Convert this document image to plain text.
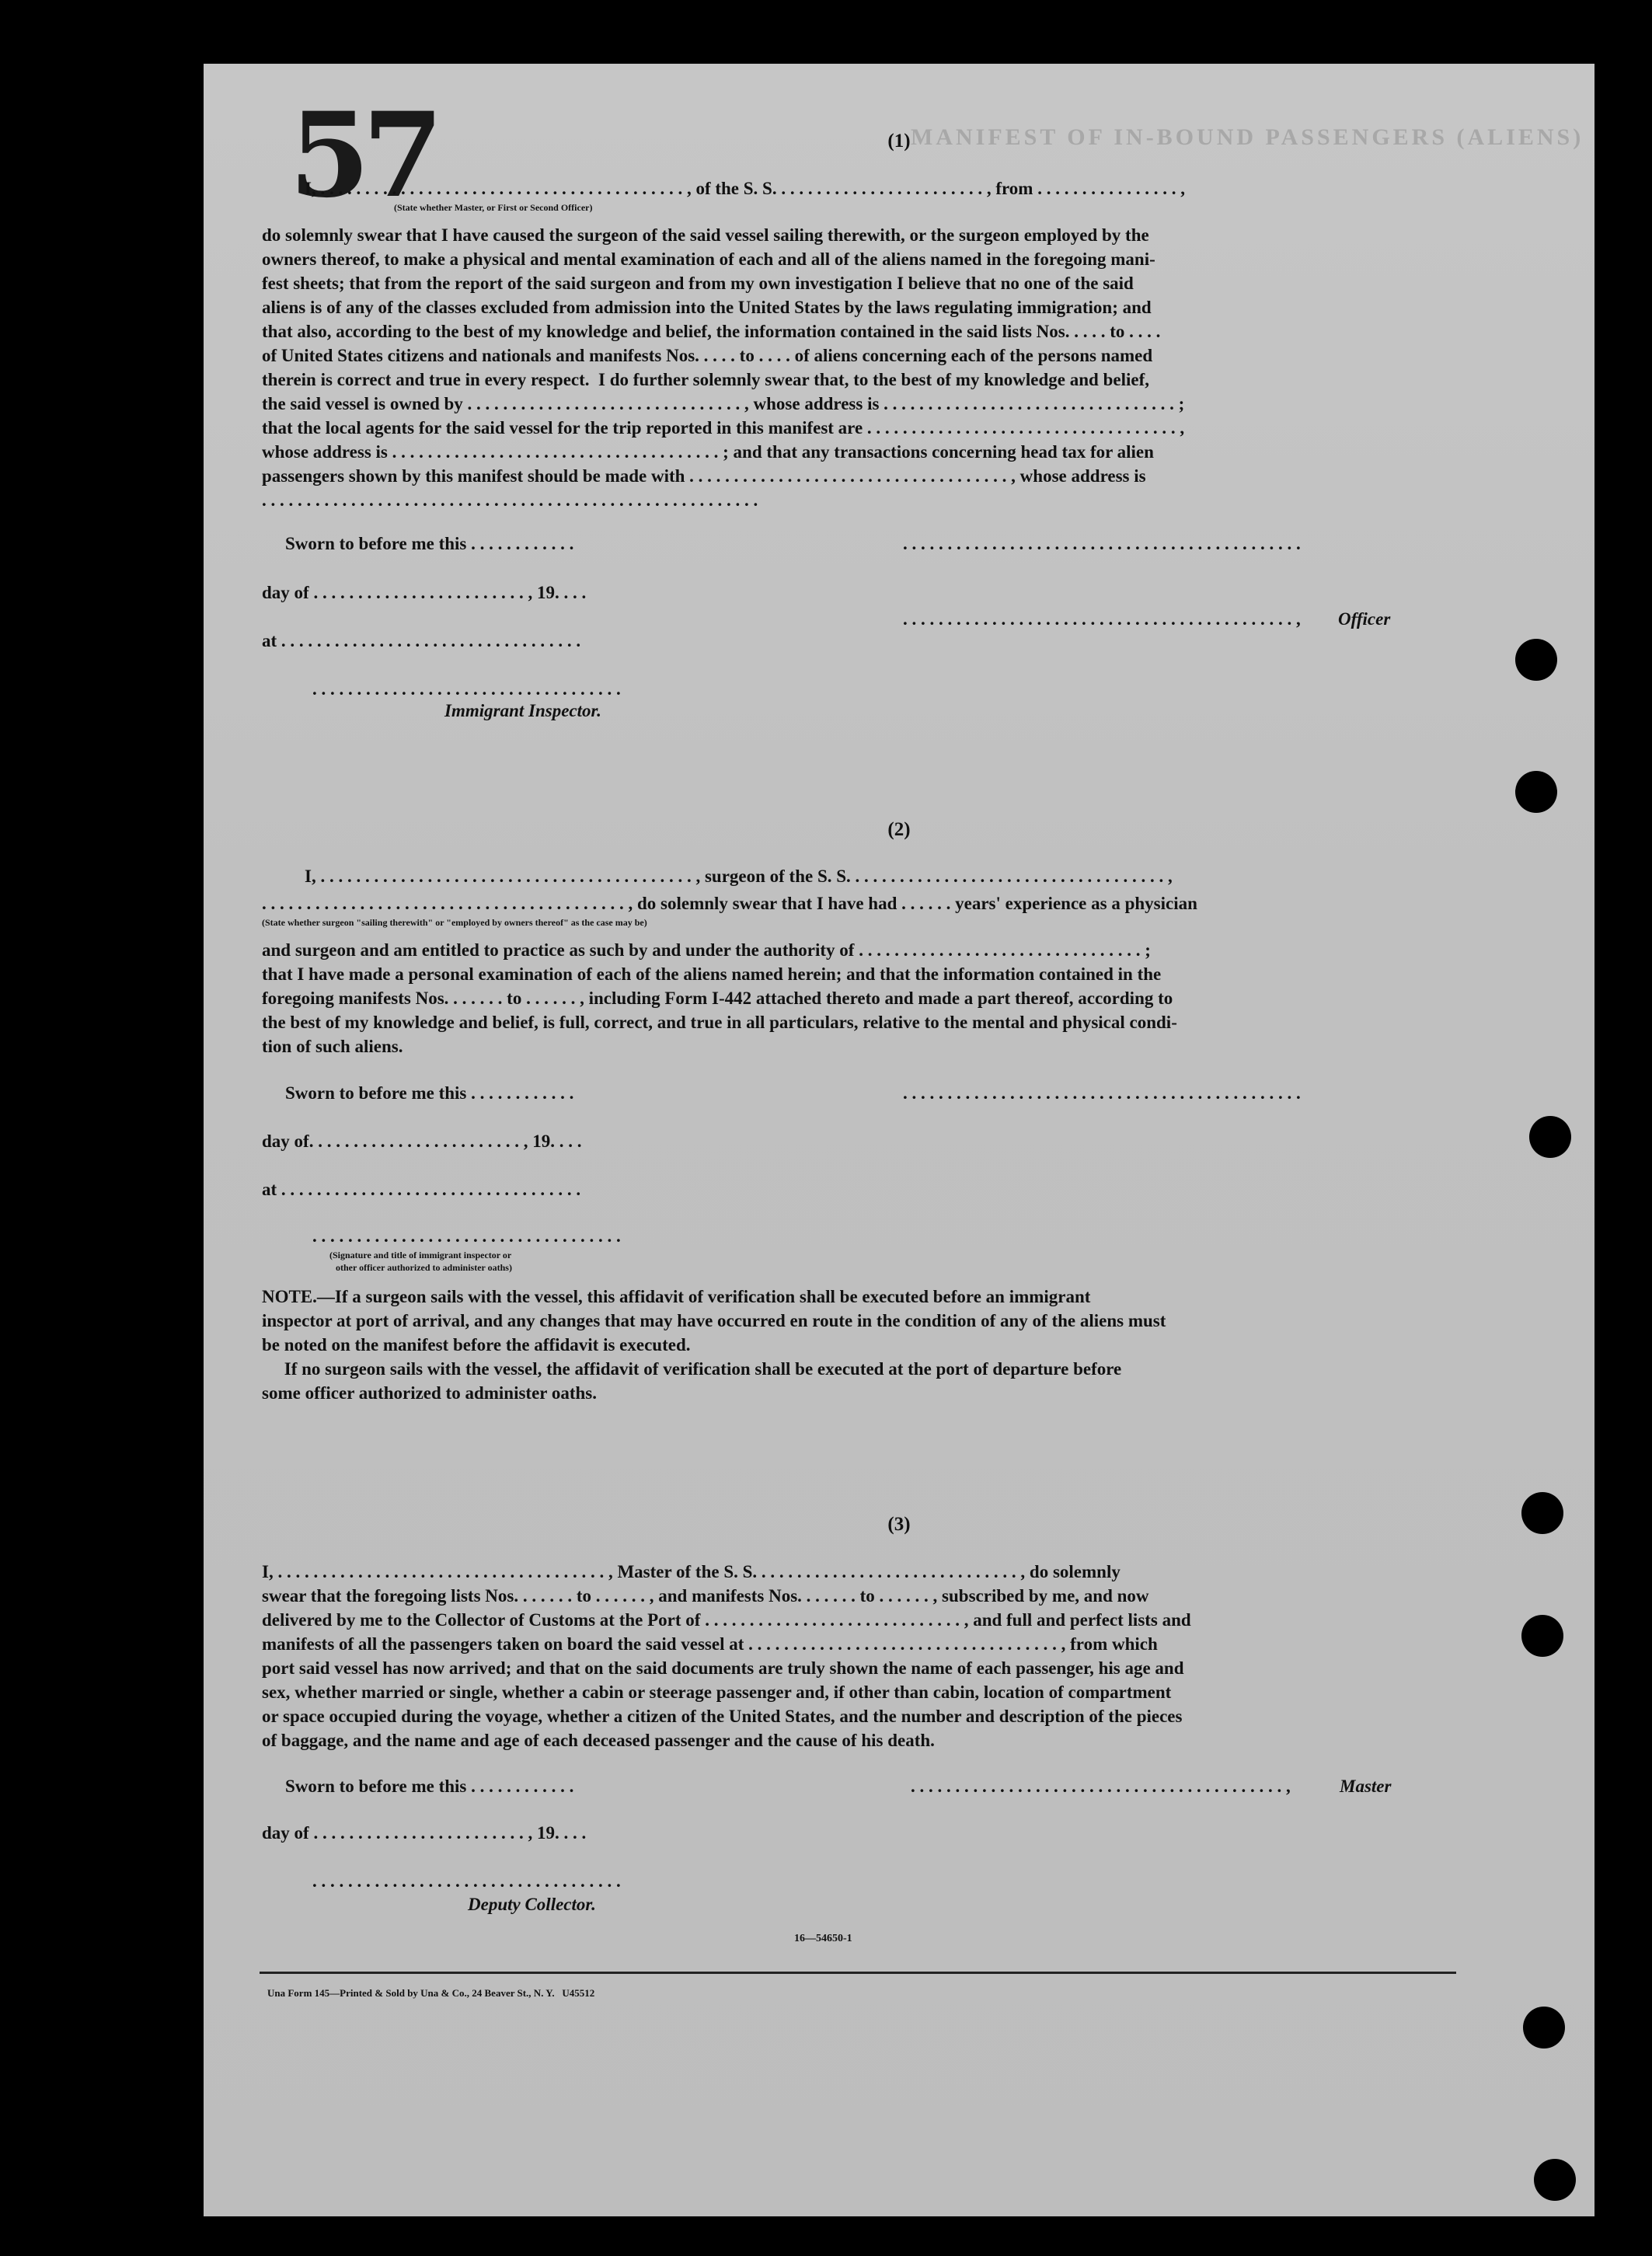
MANIFEST OF IN-BOUND PASSENGERS (ALIENS)
57	(1)
I, . . . . . . . . . . . . . . . . . . . . . . . . . . . . . . . . . . . . . . . . . , of the S. S. . . . . . . . . . . . . . . . . . . . . . . . , from . . . . . . . . . . . . . . . . ,
(State whether Master, or First or Second Officer)
do solemnly swear that I have caused the surgeon of the said vessel sailing therewith, or the surgeon employed by the
owners thereof, to make a physical and mental examination of each and all of the aliens named in the foregoing mani-
fest sheets; that from the report of the said surgeon and from my own investigation I believe that no one of the said
aliens is of any of the classes excluded from admission into the United States by the laws regulating immigration; and
that also, according to the best of my knowledge and belief, the information contained in the said lists Nos. . . . . to . . . .
of United States citizens and nationals and manifests Nos. . . . . to . . . . of aliens concerning each of the persons named
therein is correct and true in every respect.  I do further solemnly swear that, to the best of my knowledge and belief,
the said vessel is owned by . . . . . . . . . . . . . . . . . . . . . . . . . . . . . . . , whose address is . . . . . . . . . . . . . . . . . . . . . . . . . . . . . . . . . ;
that the local agents for the said vessel for the trip reported in this manifest are . . . . . . . . . . . . . . . . . . . . . . . . . . . . . . . . . . . ,
whose address is . . . . . . . . . . . . . . . . . . . . . . . . . . . . . . . . . . . . . ; and that any transactions concerning head tax for alien
passengers shown by this manifest should be made with . . . . . . . . . . . . . . . . . . . . . . . . . . . . . . . . . . . . , whose address is
. . . . . . . . . . . . . . . . . . . . . . . . . . . . . . . . . . . . . . . . . . . . . . . . . . . . . . . .
Sworn to before me this . . . . . . . . . . . .	. . . . . . . . . . . . . . . . . . . . . . . . . . . . . . . . . . . . . . . . . . . . .
day of . . . . . . . . . . . . . . . . . . . . . . . . , 19. . . .
. . . . . . . . . . . . . . . . . . . . . . . . . . . . . . . . . . . . . . . . . . . . , Officer
at . . . . . . . . . . . . . . . . . . . . . . . . . . . . . . . . . .
. . . . . . . . . . . . . . . . . . . . . . . . . . . . . . . . . . .
Immigrant Inspector.
(2)
I, . . . . . . . . . . . . . . . . . . . . . . . . . . . . . . . . . . . . . . . . . . , surgeon of the S. S. . . . . . . . . . . . . . . . . . . . . . . . . . . . . . . . . . . . ,
. . . . . . . . . . . . . . . . . . . . . . . . . . . . . . . . . . . . . . . . . , do solemnly swear that I have had . . . . . . years' experience as a physician
(State whether surgeon "sailing therewith" or "employed by owners thereof" as the case may be)
and surgeon and am entitled to practice as such by and under the authority of . . . . . . . . . . . . . . . . . . . . . . . . . . . . . . . . ;
that I have made a personal examination of each of the aliens named herein; and that the information contained in the
foregoing manifests Nos. . . . . . . to . . . . . . , including Form I-442 attached thereto and made a part thereof, according to
the best of my knowledge and belief, is full, correct, and true in all particulars, relative to the mental and physical condi-
tion of such aliens.
Sworn to before me this . . . . . . . . . . . .	. . . . . . . . . . . . . . . . . . . . . . . . . . . . . . . . . . . . . . . . . . . . .
day of. . . . . . . . . . . . . . . . . . . . . . . . , 19. . . .
at . . . . . . . . . . . . . . . . . . . . . . . . . . . . . . . . . .
. . . . . . . . . . . . . . . . . . . . . . . . . . . . . . . . . . .
(Signature and title of immigrant inspector or
other officer authorized to administer oaths)
NOTE.—If a surgeon sails with the vessel, this affidavit of verification shall be executed before an immigrant
inspector at port of arrival, and any changes that may have occurred en route in the condition of any of the aliens must
be noted on the manifest before the affidavit is executed.
If no surgeon sails with the vessel, the affidavit of verification shall be executed at the port of departure before
some officer authorized to administer oaths.
(3)
I, . . . . . . . . . . . . . . . . . . . . . . . . . . . . . . . . . . . . . , Master of the S. S. . . . . . . . . . . . . . . . . . . . . . . . . . . . . . , do solemnly
swear that the foregoing lists Nos. . . . . . . to . . . . . . , and manifests Nos. . . . . . . to . . . . . . , subscribed by me, and now
delivered by me to the Collector of Customs at the Port of . . . . . . . . . . . . . . . . . . . . . . . . . . . . . , and full and perfect lists and
manifests of all the passengers taken on board the said vessel at . . . . . . . . . . . . . . . . . . . . . . . . . . . . . . . . . . . , from which
port said vessel has now arrived; and that on the said documents are truly shown the name of each passenger, his age and
sex, whether married or single, whether a cabin or steerage passenger and, if other than cabin, location of compartment
or space occupied during the voyage, whether a citizen of the United States, and the number and description of the pieces
of baggage, and the name and age of each deceased passenger and the cause of his death.
Sworn to before me this . . . . . . . . . . . .	. . . . . . . . . . . . . . . . . . . . . . . . . . . . . . . . . . . . . . . . . . ,	Master
day of . . . . . . . . . . . . . . . . . . . . . . . . , 19. . . .
. . . . . . . . . . . . . . . . . . . . . . . . . . . . . . . . . . .
Deputy Collector.
16—54650-1
Una Form 145—Printed & Sold by Una & Co., 24 Beaver St., N. Y.   U45512
